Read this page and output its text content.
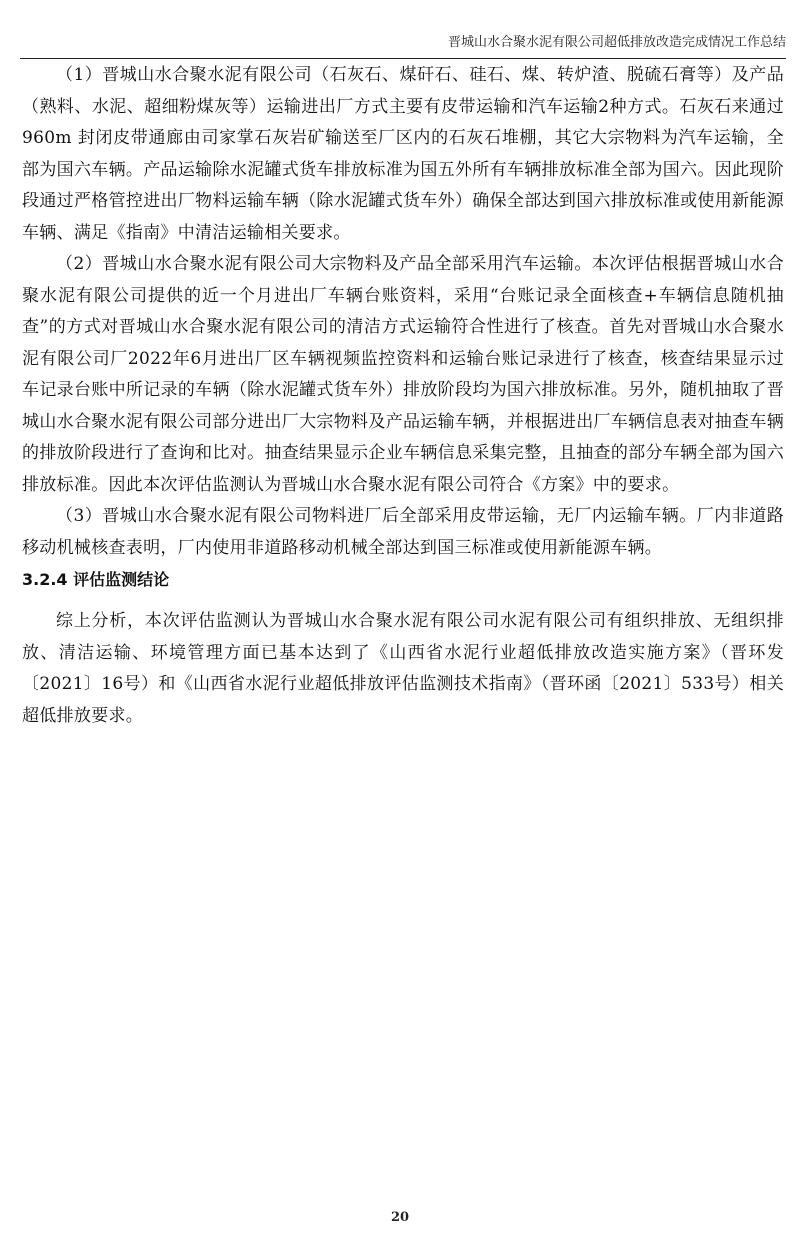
晋城山水合聚水泥有限公司超低排放改造完成情况工作总结

（1）晋城山水合聚水泥有限公司（石灰石、煤矸石、硅石、煤、转炉渣、脱硫石膏等）及产品（熟料、水泥、超细粉煤灰等）运输进出厂方式主要有皮带运输和汽车运输2种方式。石灰石来通过 960m 封闭皮带通廊由司家掌石灰岩矿输送至厂区内的石灰石堆棚，其它大宗物料为汽车运输，全部为国六车辆。产品运输除水泥罐式货车排放标准为国五外所有车辆排放标准全部为国六。因此现阶段通过严格管控进出厂物料运输车辆（除水泥罐式货车外）确保全部达到国六排放标准或使用新能源车辆、满足《指南》中清洁运输相关要求。

（2）晋城山水合聚水泥有限公司大宗物料及产品全部采用汽车运输。本次评估根据晋城山水合聚水泥有限公司提供的近一个月进出厂车辆台账资料，采用“台账记录全面核查+车辆信息随机抽查”的方式对晋城山水合聚水泥有限公司的清洁方式运输符合性进行了核查。首先对晋城山水合聚水泥有限公司厂2022年6月进出厂区车辆视频监控资料和运输台账记录进行了核查，核查结果显示过车记录台账中所记录的车辆（除水泥罐式货车外）排放阶段均为国六排放标准。另外，随机抽取了晋城山水合聚水泥有限公司部分进出厂大宗物料及产品运输车辆，并根据进出厂车辆信息表对抽查车辆的排放阶段进行了查询和比对。抽查结果显示企业车辆信息采集完整，且抽查的部分车辆全部为国六排放标准。因此本次评估监测认为晋城山水合聚水泥有限公司符合《方案》中的要求。

（3）晋城山水合聚水泥有限公司物料进厂后全部采用皮带运输，无厂内运输车辆。厂内非道路移动机械核查表明，厂内使用非道路移动机械全部达到国三标准或使用新能源车辆。

3.2.4 评估监测结论

综上分析，本次评估监测认为晋城山水合聚水泥有限公司水泥有限公司有组织排放、无组织排放、清洁运输、环境管理方面已基本达到了《山西省水泥行业超低排放改造实施方案》（晋环发〔2021〕16号）和《山西省水泥行业超低排放评估监测技术指南》（晋环函〔2021〕533号）相关超低排放要求。

20
